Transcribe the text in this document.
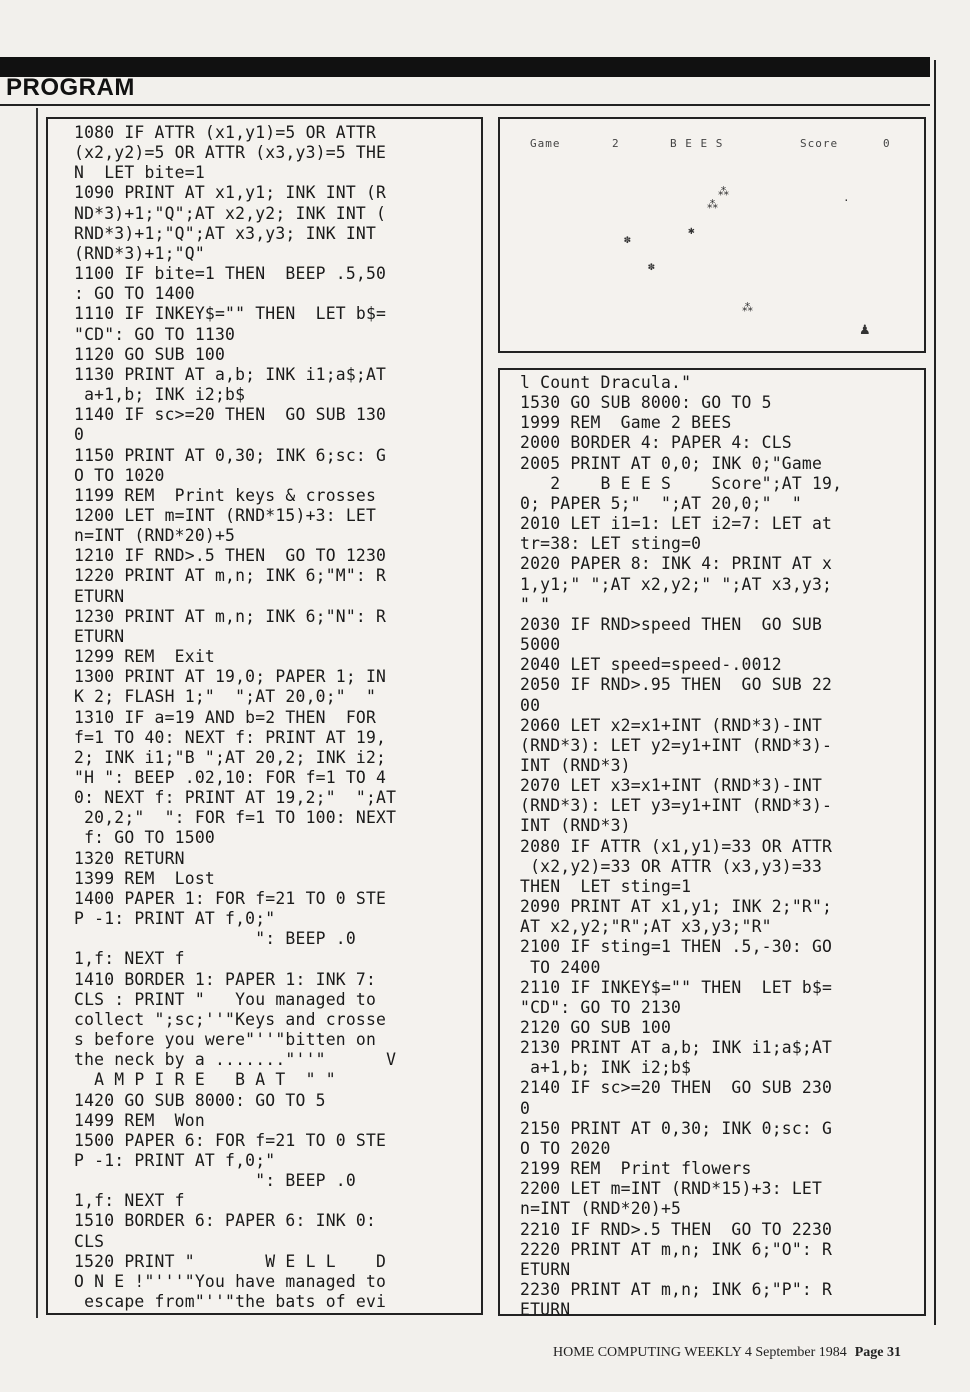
PROGRAM
1080 IF ATTR (x1,y1)=5 OR ATTR
(x2,y2)=5 OR ATTR (x3,y3)=5 THE
N  LET bite=1
1090 PRINT AT x1,y1; INK INT (R
ND*3)+1;"Q";AT x2,y2; INK INT (
RND*3)+1;"Q";AT x3,y3; INK INT
(RND*3)+1;"Q"
1100 IF bite=1 THEN  BEEP .5,50
: GO TO 1400
1110 IF INKEY$="" THEN  LET b$=
"CD": GO TO 1130
1120 GO SUB 100
1130 PRINT AT a,b; INK i1;a$;AT
a+1,b; INK i2;b$
1140 IF sc>=20 THEN  GO SUB 130
0
1150 PRINT AT 0,30; INK 6;sc: G
O TO 1020
1199 REM  Print keys & crosses
1200 LET m=INT (RND*15)+3: LET
n=INT (RND*20)+5
1210 IF RND>.5 THEN  GO TO 1230
1220 PRINT AT m,n; INK 6;"M": R
ETURN
1230 PRINT AT m,n; INK 6;"N": R
ETURN
1299 REM  Exit
1300 PRINT AT 19,0; PAPER 1; IN
K 2; FLASH 1;"  ";AT 20,0;"  "
1310 IF a=19 AND b=2 THEN  FOR
f=1 TO 40: NEXT f: PRINT AT 19,
2; INK i1;"B ";AT 20,2; INK i2;
"H ": BEEP .02,10: FOR f=1 TO 4
0: NEXT f: PRINT AT 19,2;"  ";AT
20,2;"  ": FOR f=1 TO 100: NEXT
f: GO TO 1500
1320 RETURN
1399 REM  Lost
1400 PAPER 1: FOR f=21 TO 0 STE
P -1: PRINT AT f,0;"
": BEEP .0
1,f: NEXT f
1410 BORDER 1: PAPER 1: INK 7:
CLS : PRINT "   You managed to
collect ";sc;''"Keys and crosse
s before you were"''"bitten on
the neck by a ......."''"      V
A M P I R E   B A T  " "
1420 GO SUB 8000: GO TO 5
1499 REM  Won
1500 PAPER 6: FOR f=21 TO 0 STE
P -1: PRINT AT f,0;"
": BEEP .0
1,f: NEXT f
1510 BORDER 6: PAPER 6: INK 0:
CLS
1520 PRINT "       W E L L    D
O N E !"'''"You have managed to
escape from"''"the bats of evi
Game	2	B E E S	Score	0
⁂
⁂
✱
✽
✽
·
⁂
♟
l Count Dracula."
1530 GO SUB 8000: GO TO 5
1999 REM  Game 2 BEES
2000 BORDER 4: PAPER 4: CLS
2005 PRINT AT 0,0; INK 0;"Game
2    B E E S    Score";AT 19,
0; PAPER 5;"  ";AT 20,0;"  "
2010 LET i1=1: LET i2=7: LET at
tr=38: LET sting=0
2020 PAPER 8: INK 4: PRINT AT x
1,y1;" ";AT x2,y2;" ";AT x3,y3;
" "
2030 IF RND>speed THEN  GO SUB
5000
2040 LET speed=speed-.0012
2050 IF RND>.95 THEN  GO SUB 22
00
2060 LET x2=x1+INT (RND*3)-INT
(RND*3): LET y2=y1+INT (RND*3)-
INT (RND*3)
2070 LET x3=x1+INT (RND*3)-INT
(RND*3): LET y3=y1+INT (RND*3)-
INT (RND*3)
2080 IF ATTR (x1,y1)=33 OR ATTR
(x2,y2)=33 OR ATTR (x3,y3)=33
THEN  LET sting=1
2090 PRINT AT x1,y1; INK 2;"R";
AT x2,y2;"R";AT x3,y3;"R"
2100 IF sting=1 THEN .5,-30: GO
TO 2400
2110 IF INKEY$="" THEN  LET b$=
"CD": GO TO 2130
2120 GO SUB 100
2130 PRINT AT a,b; INK i1;a$;AT
a+1,b; INK i2;b$
2140 IF sc>=20 THEN  GO SUB 230
0
2150 PRINT AT 0,30; INK 0;sc: G
O TO 2020
2199 REM  Print flowers
2200 LET m=INT (RND*15)+3: LET
n=INT (RND*20)+5
2210 IF RND>.5 THEN  GO TO 2230
2220 PRINT AT m,n; INK 6;"O": R
ETURN
2230 PRINT AT m,n; INK 6;"P": R
ETURN
HOME COMPUTING WEEKLY 4 September 1984 Page 31
